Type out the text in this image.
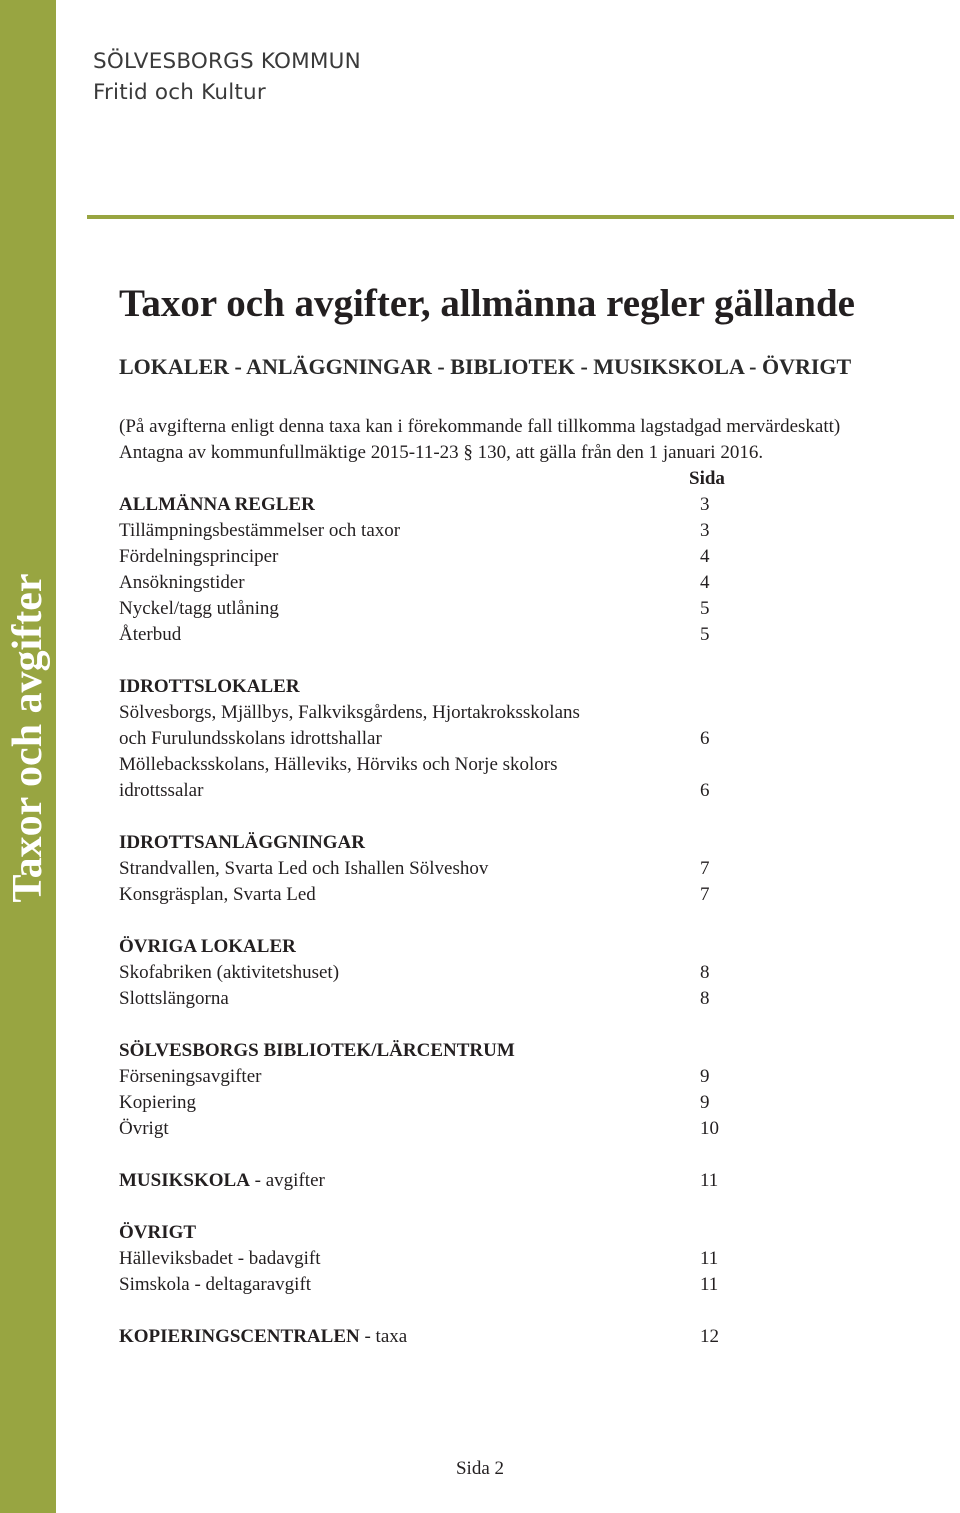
Taxor och avgifter
SÖLVESBORGS KOMMUN
Fritid och Kultur
Taxor och avgifter, allmänna regler gällande
LOKALER - ANLÄGGNINGAR - BIBLIOTEK - MUSIKSKOLA - ÖVRIGT
(På avgifterna enligt denna taxa kan i förekommande fall tillkomma lagstadgad mervärdeskatt)
Antagna av kommunfullmäktige 2015-11-23 § 130, att gälla från den 1 januari 2016.
Sida
ALLMÄNNA REGLER	3
Tillämpningsbestämmelser och taxor	3
Fördelningsprinciper	4
Ansökningstider	4
Nyckel/tagg utlåning	5
Återbud	5
IDROTTSLOKALER
Sölvesborgs, Mjällbys, Falkviksgårdens, Hjortakroksskolans
och Furulundsskolans idrottshallar	6
Möllebacksskolans, Hälleviks, Hörviks och Norje skolors
idrottssalar	6
IDROTTSANLÄGGNINGAR
Strandvallen, Svarta Led och Ishallen Sölveshov	7
Konsgräsplan, Svarta Led	7
ÖVRIGA LOKALER
Skofabriken (aktivitetshuset)	8
Slottslängorna	8
SÖLVESBORGS BIBLIOTEK/LÄRCENTRUM
Förseningsavgifter	9
Kopiering	9
Övrigt	10
MUSIKSKOLA - avgifter	11
ÖVRIGT
Hälleviksbadet - badavgift	11
Simskola - deltagaravgift	11
KOPIERINGSCENTRALEN - taxa	12
Sida 2
